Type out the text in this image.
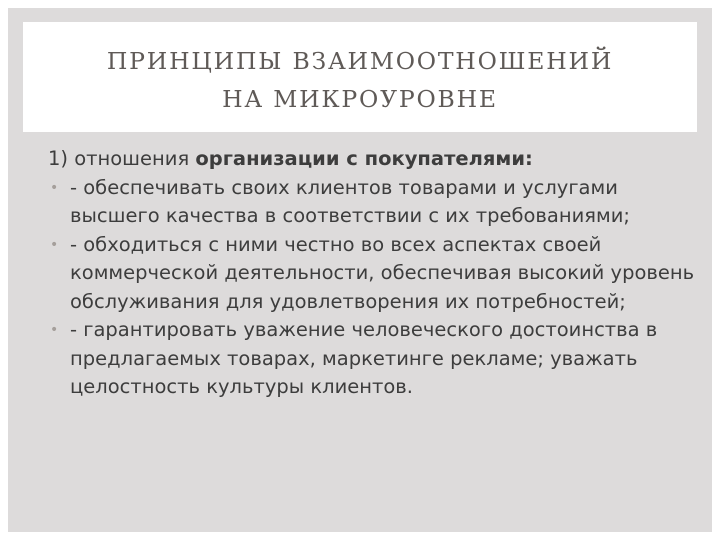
ПРИНЦИПЫ ВЗАИМООТНОШЕНИЙ
НА МИКРОУРОВНЕ
1) отношения организации с покупателями:
• - обеспечивать своих клиентов товарами и услугами высшего качества в соответствии с их требованиями;
• - обходиться с ними честно во всех аспектах своей коммерческой деятельности, обеспечивая высокий уровень обслуживания для удовлетворения их потребностей;
• - гарантировать уважение человеческого достоинства в предлагаемых товарах, маркетинге рекламе; уважать целостность культуры клиентов.
